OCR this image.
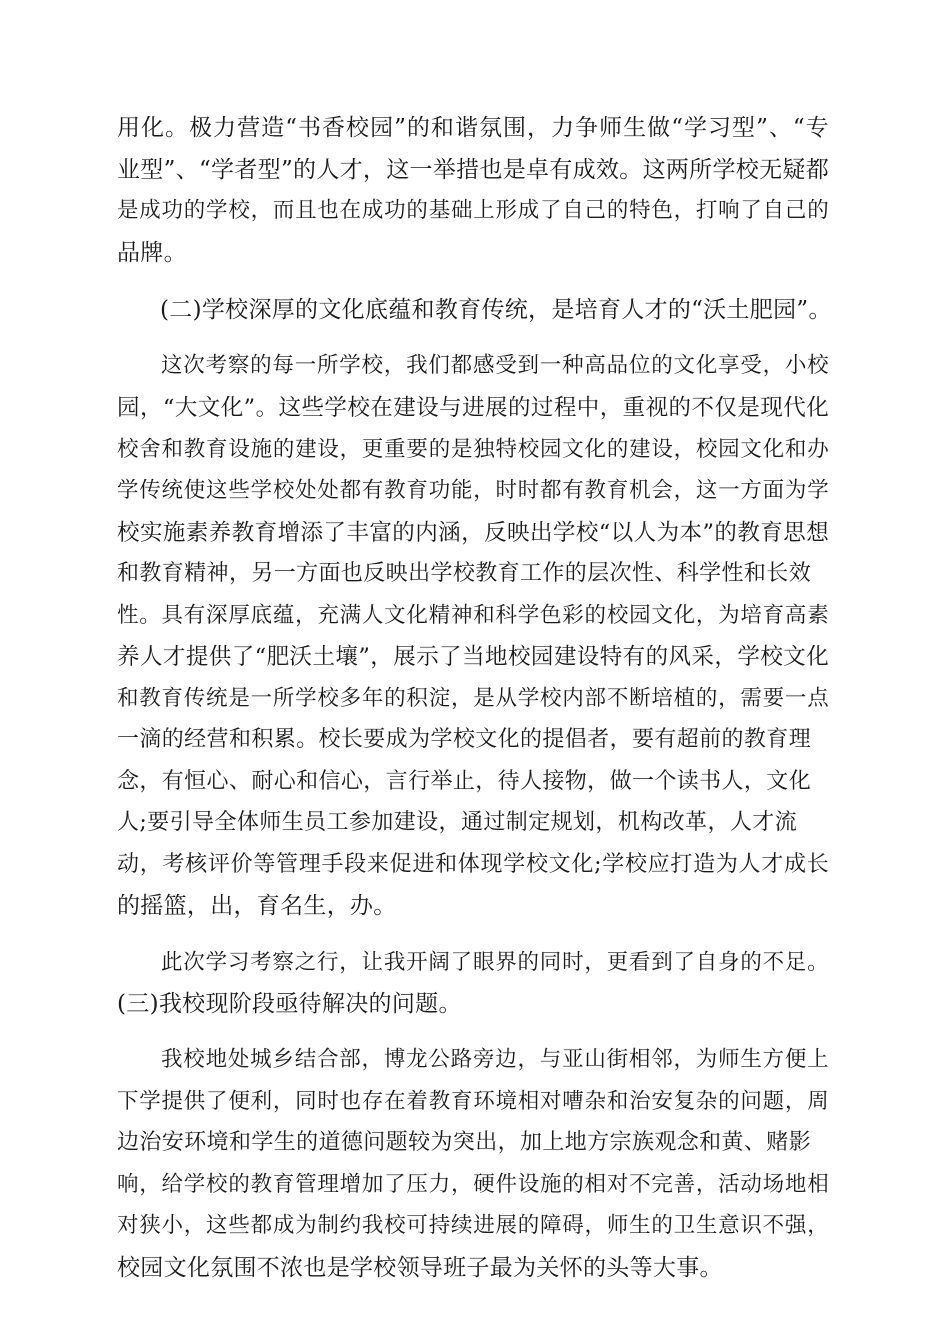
用化。极力营造“书香校园”的和谐氛围，力争师生做“学习型”、“专
业型”、“学者型”的人才，这一举措也是卓有成效。这两所学校无疑都
是成功的学校，而且也在成功的基础上形成了自己的特色，打响了自己的
品牌。
(二)学校深厚的文化底蕴和教育传统，是培育人才的“沃土肥园”。
这次考察的每一所学校，我们都感受到一种高品位的文化享受，小校
园，“大文化”。这些学校在建设与进展的过程中，重视的不仅是现代化
校舍和教育设施的建设，更重要的是独特校园文化的建设，校园文化和办
学传统使这些学校处处都有教育功能，时时都有教育机会，这一方面为学
校实施素养教育增添了丰富的内涵，反映出学校“以人为本”的教育思想
和教育精神，另一方面也反映出学校教育工作的层次性、科学性和长效
性。具有深厚底蕴，充满人文化精神和科学色彩的校园文化，为培育高素
养人才提供了“肥沃土壤”，展示了当地校园建设特有的风采，学校文化
和教育传统是一所学校多年的积淀，是从学校内部不断培植的，需要一点
一滴的经营和积累。校长要成为学校文化的提倡者，要有超前的教育理
念，有恒心、耐心和信心，言行举止，待人接物，做一个读书人，文化
人;要引导全体师生员工参加建设，通过制定规划，机构改革，人才流
动，考核评价等管理手段来促进和体现学校文化;学校应打造为人才成长
的摇篮，出，育名生，办。
此次学习考察之行，让我开阔了眼界的同时，更看到了自身的不足。
(三)我校现阶段亟待解决的问题。
我校地处城乡结合部，博龙公路旁边，与亚山街相邻，为师生方便上
下学提供了便利，同时也存在着教育环境相对嘈杂和治安复杂的问题，周
边治安环境和学生的道德问题较为突出，加上地方宗族观念和黄、赌影
响，给学校的教育管理增加了压力，硬件设施的相对不完善，活动场地相
对狭小，这些都成为制约我校可持续进展的障碍，师生的卫生意识不强，
校园文化氛围不浓也是学校领导班子最为关怀的头等大事。
